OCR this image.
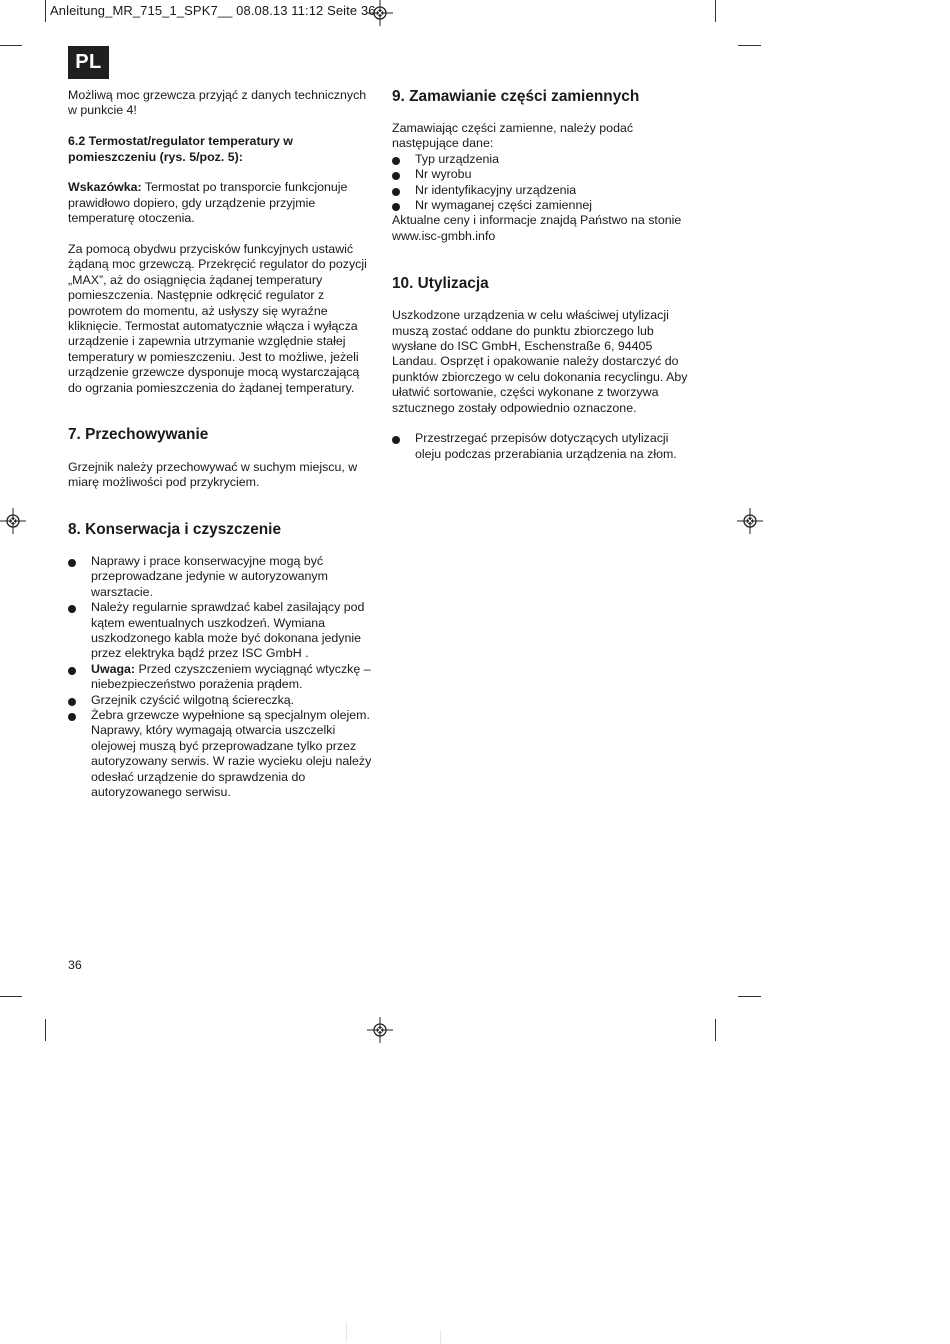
Anleitung_MR_715_1_SPK7__ 08.08.13 11:12 Seite 36
PL

Możliwą moc grzewcza przyjąć z danych technicznych w punkcie 4!

6.2 Termostat/regulator temperatury w pomieszczeniu (rys. 5/poz. 5):

Wskazówka: Termostat po transporcie funkcjonuje prawidłowo dopiero, gdy urządzenie przyjmie temperaturę otoczenia.

Za pomocą obydwu przycisków funkcyjnych ustawić żądaną moc grzewczą. Przekręcić regulator do pozycji „MAX”, aż do osiągnięcia żądanej temperatury pomieszczenia. Następnie odkręcić regulator z powrotem do momentu, aż usłyszy się wyraźne kliknięcie. Termostat automatycznie włącza i wyłącza urządzenie i zapewnia utrzymanie względnie stałej temperatury w pomieszczeniu. Jest to możliwe, jeżeli urządzenie grzewcze dysponuje mocą wystarczającą do ogrzania pomieszczenia do żądanej temperatury.

7. Przechowywanie

Grzejnik należy przechowywać w suchym miejscu, w miarę możliwości pod przykryciem.

8. Konserwacja i czyszczenie
Naprawy i prace konserwacyjne mogą być przeprowadzane jedynie w autoryzowanym warsztacie.
Należy regularnie sprawdzać kabel zasilający pod kątem ewentualnych uszkodzeń. Wymiana uszkodzonego kabla może być dokonana jedynie przez elektryka bądź przez ISC GmbH .
Uwaga: Przed czyszczeniem wyciągnąć wtyczkę – niebezpieczeństwo porażenia prądem.
Grzejnik czyścić wilgotną ściereczką.
Żebra grzewcze wypełnione są specjalnym olejem. Naprawy, który wymagają otwarcia uszczelki olejowej muszą być przeprowadzane tylko przez autoryzowany serwis. W razie wycieku oleju należy odesłać urządzenie do sprawdzenia do autoryzowanego serwisu.
9. Zamawianie części zamiennych

Zamawiając części zamienne, należy podać następujące dane:

Typ urządzenia
Nr wyrobu
Nr identyfikacyjny urządzenia
Nr wymaganej części zamiennej

Aktualne ceny i informacje znajdą Państwo na stonie www.isc-gmbh.info

10. Utylizacja

Uszkodzone urządzenia w celu właściwej utylizacji muszą zostać oddane do punktu zbiorczego lub wysłane do ISC GmbH, Eschenstraße 6, 94405 Landau. Osprzęt i opakowanie należy dostarczyć do punktów zbiorczego w celu dokonania recyclingu. Aby ułatwić sortowanie, części wykonane z tworzywa sztucznego zostały odpowiednio oznaczone.

Przestrzegać przepisów dotyczących utylizacji oleju podczas przerabiania urządzenia na złom.
36
